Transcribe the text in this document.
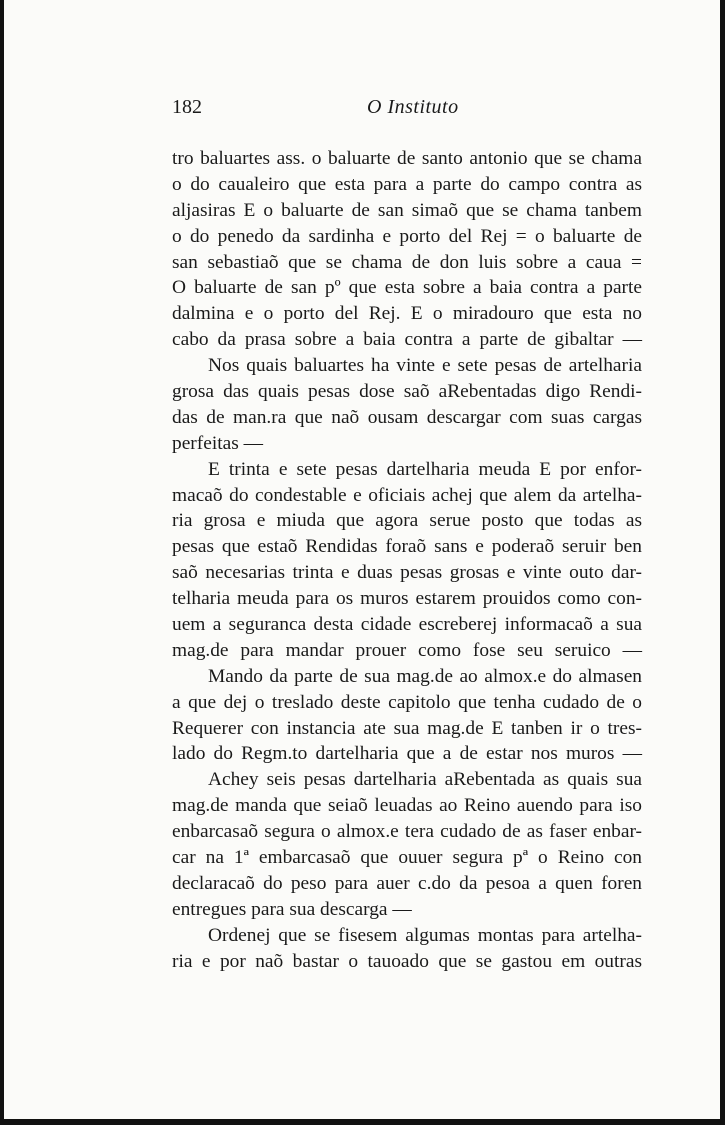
182	O Instituto
tro baluartes ass. o baluarte de santo antonio que se chama
o do caualeiro que esta para a parte do campo contra as
aljasiras E o baluarte de san simaõ que se chama tanbem
o do penedo da sardinha e porto del Rej = o baluarte de
san sebastiaõ que se chama de don luis sobre a caua =
O baluarte de san pº que esta sobre a baia contra a parte
dalmina e o porto del Rej. E o miradouro que esta no
cabo da prasa sobre a baia contra a parte de gibaltar —
Nos quais baluartes ha vinte e sete pesas de artelharia
grosa das quais pesas dose saõ aRebentadas digo Rendi-
das de man.ra que naõ ousam descargar com suas cargas
perfeitas —
E trinta e sete pesas dartelharia meuda E por enfor-
macaõ do condestable e oficiais achej que alem da artelha-
ria grosa e miuda que agora serue posto que todas as
pesas que estaõ Rendidas foraõ sans e poderaõ seruir ben
saõ necesarias trinta e duas pesas grosas e vinte outo dar-
telharia meuda para os muros estarem prouidos como con-
uem a seguranca desta cidade escreberej informacaõ a sua
mag.de para mandar prouer como fose seu seruico —
Mando da parte de sua mag.de ao almox.e do almasen
a que dej o treslado deste capitolo que tenha cudado de o
Requerer con instancia ate sua mag.de E tanben ir o tres-
lado do Regm.to dartelharia que a de estar nos muros —
Achey seis pesas dartelharia aRebentada as quais sua
mag.de manda que seiaõ leuadas ao Reino auendo para iso
enbarcasaõ segura o almox.e tera cudado de as faser enbar-
car na 1ª embarcasaõ que ouuer segura pª o Reino con
declaracaõ do peso para auer c.do da pesoa a quen foren
entregues para sua descarga —
Ordenej que se fisesem algumas montas para artelha-
ria e por naõ bastar o tauoado que se gastou em outras
